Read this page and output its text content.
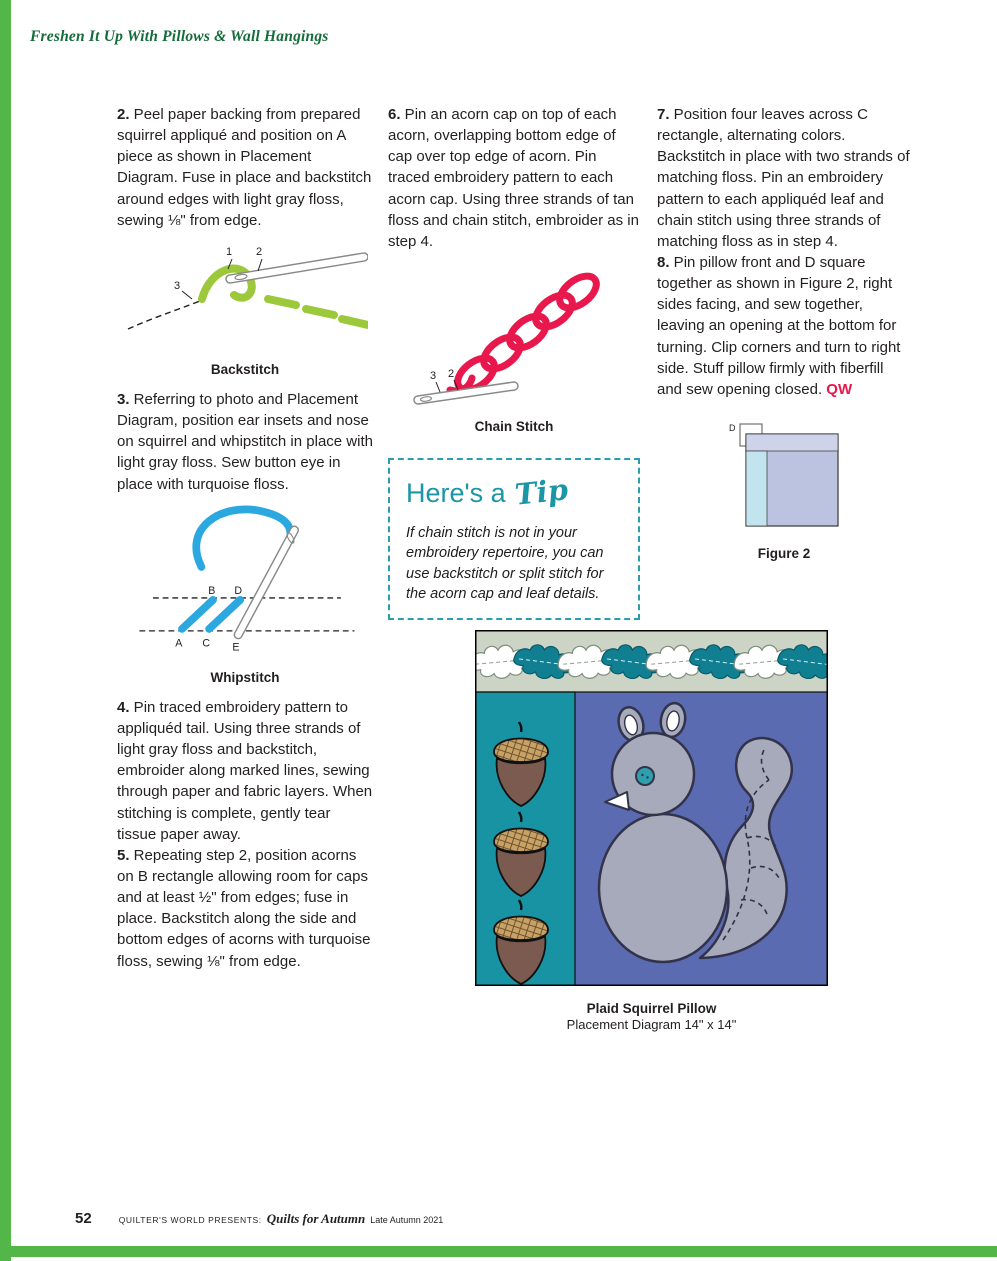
Freshen It Up With Pillows & Wall Hangings

2. Peel paper backing from prepared squirrel appliqué and position on A piece as shown in Placement Diagram. Fuse in place and backstitch around edges with light gray floss, sewing ⅛" from edge.

3
1 2
Backstitch

3. Referring to photo and Placement Diagram, position ear insets and nose on squirrel and whipstitch in place with light gray floss. Sew button eye in place with turquoise floss.

B D
A C E
Whipstitch

4. Pin traced embroidery pattern to appliquéd tail. Using three strands of light gray floss and backstitch, embroider along marked lines, sewing through paper and fabric layers. When stitching is complete, gently tear tissue paper away.

5. Repeating step 2, position acorns on B rectangle allowing room for caps and at least ½" from edges; fuse in place. Backstitch along the side and bottom edges of acorns with turquoise floss, sewing ⅛" from edge.

6. Pin an acorn cap on top of each acorn, overlapping bottom edge of cap over top edge of acorn. Pin traced embroidery pattern to each acorn cap. Using three strands of tan floss and chain stitch, embroider as in step 4.

3 2
Chain Stitch
Here's a Tip
If chain stitch is not in your embroidery repertoire, you can use backstitch or split stitch for the acorn cap and leaf details.

7. Position four leaves across C rectangle, alternating colors. Backstitch in place with two strands of matching floss. Pin an embroidery pattern to each appliquéd leaf and chain stitch using three strands of matching floss as in step 4.

8. Pin pillow front and D square together as shown in Figure 2, right sides facing, and sew together, leaving an opening at the bottom for turning. Clip corners and turn to right side. Stuff pillow firmly with fiberfill and sew opening closed. QW

D
Figure 2
Plaid Squirrel Pillow
Placement Diagram 14" x 14"
52	QUILTER'S WORLD PRESENTS: Quilts for Autumn Late Autumn 2021
